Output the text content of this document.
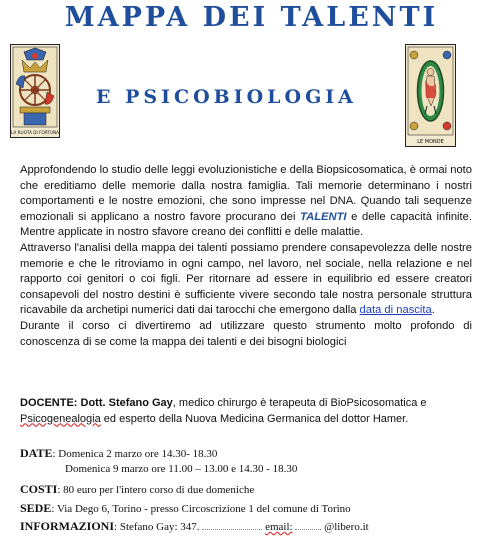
MAPPA DEI TALENTI
E PSICOBIOLOGIA
LA RUOTA DI FORTUNA
LE MONDE

Approfondendo lo studio delle leggi evoluzionistiche e della Biopsicosomatica, è ormai noto che ereditiamo delle memorie dalla nostra famiglia. Tali memorie determinano i nostri comportamenti e le nostre emozioni, che sono impresse nel DNA. Quando tali sequenze emozionali si applicano a nostro favore procurano dei TALENTI e delle capacità infinite. Mentre applicate in nostro sfavore creano dei conflitti e delle malattie.

Attraverso l'analisi della mappa dei talenti possiamo prendere consapevolezza delle nostre memorie e che le ritroviamo in ogni campo, nel lavoro, nel sociale, nella relazione e nel rapporto coi genitori o coi figli. Per ritornare ad essere in equilibrio ed essere creatori consapevoli del nostro destini è sufficiente vivere secondo tale nostra personale struttura ricavabile da archetipi numerici dati dai tarocchi che emergono dalla data di nascita.

Durante il corso ci divertiremo ad utilizzare questo strumento molto profondo di conoscenza di se come la mappa dei talenti e dei bisogni biologici

DOCENTE: Dott. Stefano Gay, medico chirurgo è terapeuta di BioPsicosomatica e Psicogenealogia ed esperto della Nuova Medicina Germanica del dottor Hamer.
DATE: Domenica 2 marzo ore 14.30- 18.30
Domenica 9 marzo ore 11.00 – 13.00 e 14.30 - 18.30
COSTI: 80 euro per l'intero corso di due domeniche
SEDE: Via Dego 6, Torino - presso Circoscrizione 1 del comune di Torino
INFORMAZIONI: Stefano Gay: 347.	email:	@libero.it
